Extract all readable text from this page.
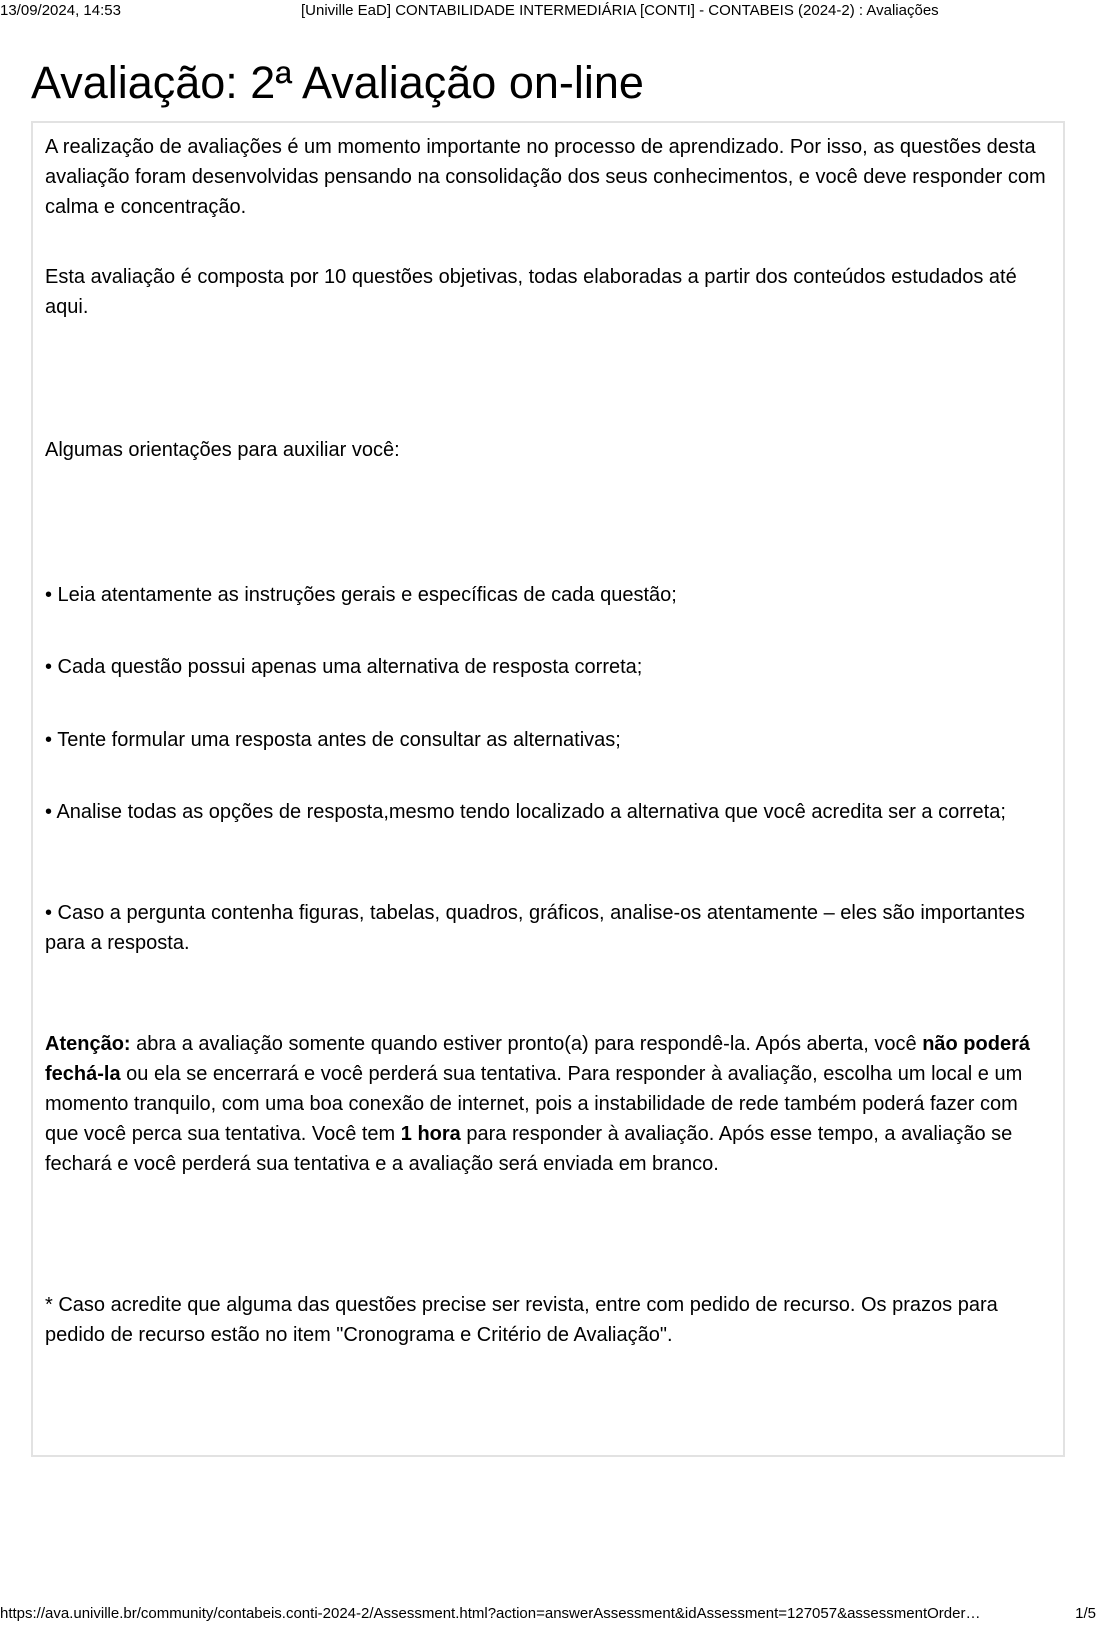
13/09/2024, 14:53	[Univille EaD] CONTABILIDADE INTERMEDIÁRIA [CONTI] - CONTABEIS (2024-2) : Avaliações
Avaliação: 2ª Avaliação on-line

A realização de avaliações é um momento importante no processo de aprendizado. Por isso, as questões desta avaliação foram desenvolvidas pensando na consolidação dos seus conhecimentos, e você deve responder com calma e concentração.

Esta avaliação é composta por 10 questões objetivas, todas elaboradas a partir dos conteúdos estudados até aqui.

Algumas orientações para auxiliar você:

• Leia atentamente as instruções gerais e específicas de cada questão;

• Cada questão possui apenas uma alternativa de resposta correta;

• Tente formular uma resposta antes de consultar as alternativas;

• Analise todas as opções de resposta,mesmo tendo localizado a alternativa que você acredita ser a correta;

• Caso a pergunta contenha figuras, tabelas, quadros, gráficos, analise-os atentamente – eles são importantes para a resposta.

Atenção: abra a avaliação somente quando estiver pronto(a) para respondê-la. Após aberta, você não poderá fechá-la ou ela se encerrará e você perderá sua tentativa. Para responder à avaliação, escolha um local e um momento tranquilo, com uma boa conexão de internet, pois a instabilidade de rede também poderá fazer com que você perca sua tentativa. Você tem 1 hora para responder à avaliação. Após esse tempo, a avaliação se fechará e você perderá sua tentativa e a avaliação será enviada em branco.

* Caso acredite que alguma das questões precise ser revista, entre com pedido de recurso. Os prazos para pedido de recurso estão no item "Cronograma e Critério de Avaliação".

https://ava.univille.br/community/contabeis.conti-2024-2/Assessment.html?action=answerAssessment&idAssessment=127057&assessmentOrder…	1/5
